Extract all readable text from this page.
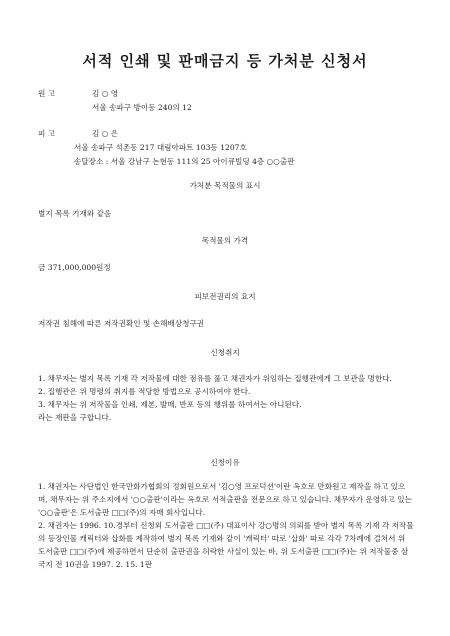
서적 인쇄 및 판매금지 등 가처분 신청서
원 고	김 ○ 영
서울 송파구 방이동 240의 12
피 고	김 ○ 은
서울 송파구 석촌동 217 대림아파트 103동 1207호
송달장소 : 서울 강남구 논현동 111의 25 아이큐빌딩 4층 ○○출판
가처분 목적물의 표시
별지 목록 기재와 같음
목적물의 가격
금 371,000,000원정
피보전권리의 요지
저작권 침해에 따른 저작권확인 및 손해배상청구권
신청취지
1. 채무자는 별지 목록 기재 각 저작물에 대한 점유를 풀고 채권자가 위임하는 집행관에게 그 보관을 명한다.
2. 집행관은 위 명령의 취지를 적당한 방법으로 공시하여야 한다.
3. 채무자는 위 저작물을 인쇄, 제본, 발매, 반포 등의 행위를 하여서는 아니된다.
라는 재판을 구합니다.
신청이유
1. 채권자는 사단법인 한국만화가협회의 정회원으로서 '김○영 프로덕션'이란 옥호로 만화원고 제작을 하고 있으며, 채무자는 위 주소지에서 '○○출판'이라는 옥호로 서적출판을 전문으로 하고 있습니다. 채무자가 운영하고 있는 '○○출판'은 도서출판 □□(주)의 자매 회사입니다.
2. 채권자는 1996. 10.경부터 신청외 도서출판 □□(주) 대표이사 강○명의 의뢰를 받아 별지 목록 기재 각 저작물의 등장인물 캐릭터와 삽화를 제작하여 별지 목록 기재와 같이 '캐릭터' 따로 '삽화' 따로 각각 7차례에 걸쳐서 위 도서출판 □□(주)에 제공하면서 단순히 출판권을 허락한 사실이 있는 바, 위 도서출판 □□(주)는 위 저작물중 삼국지 전 10권을 1997. 2. 15. 1판
